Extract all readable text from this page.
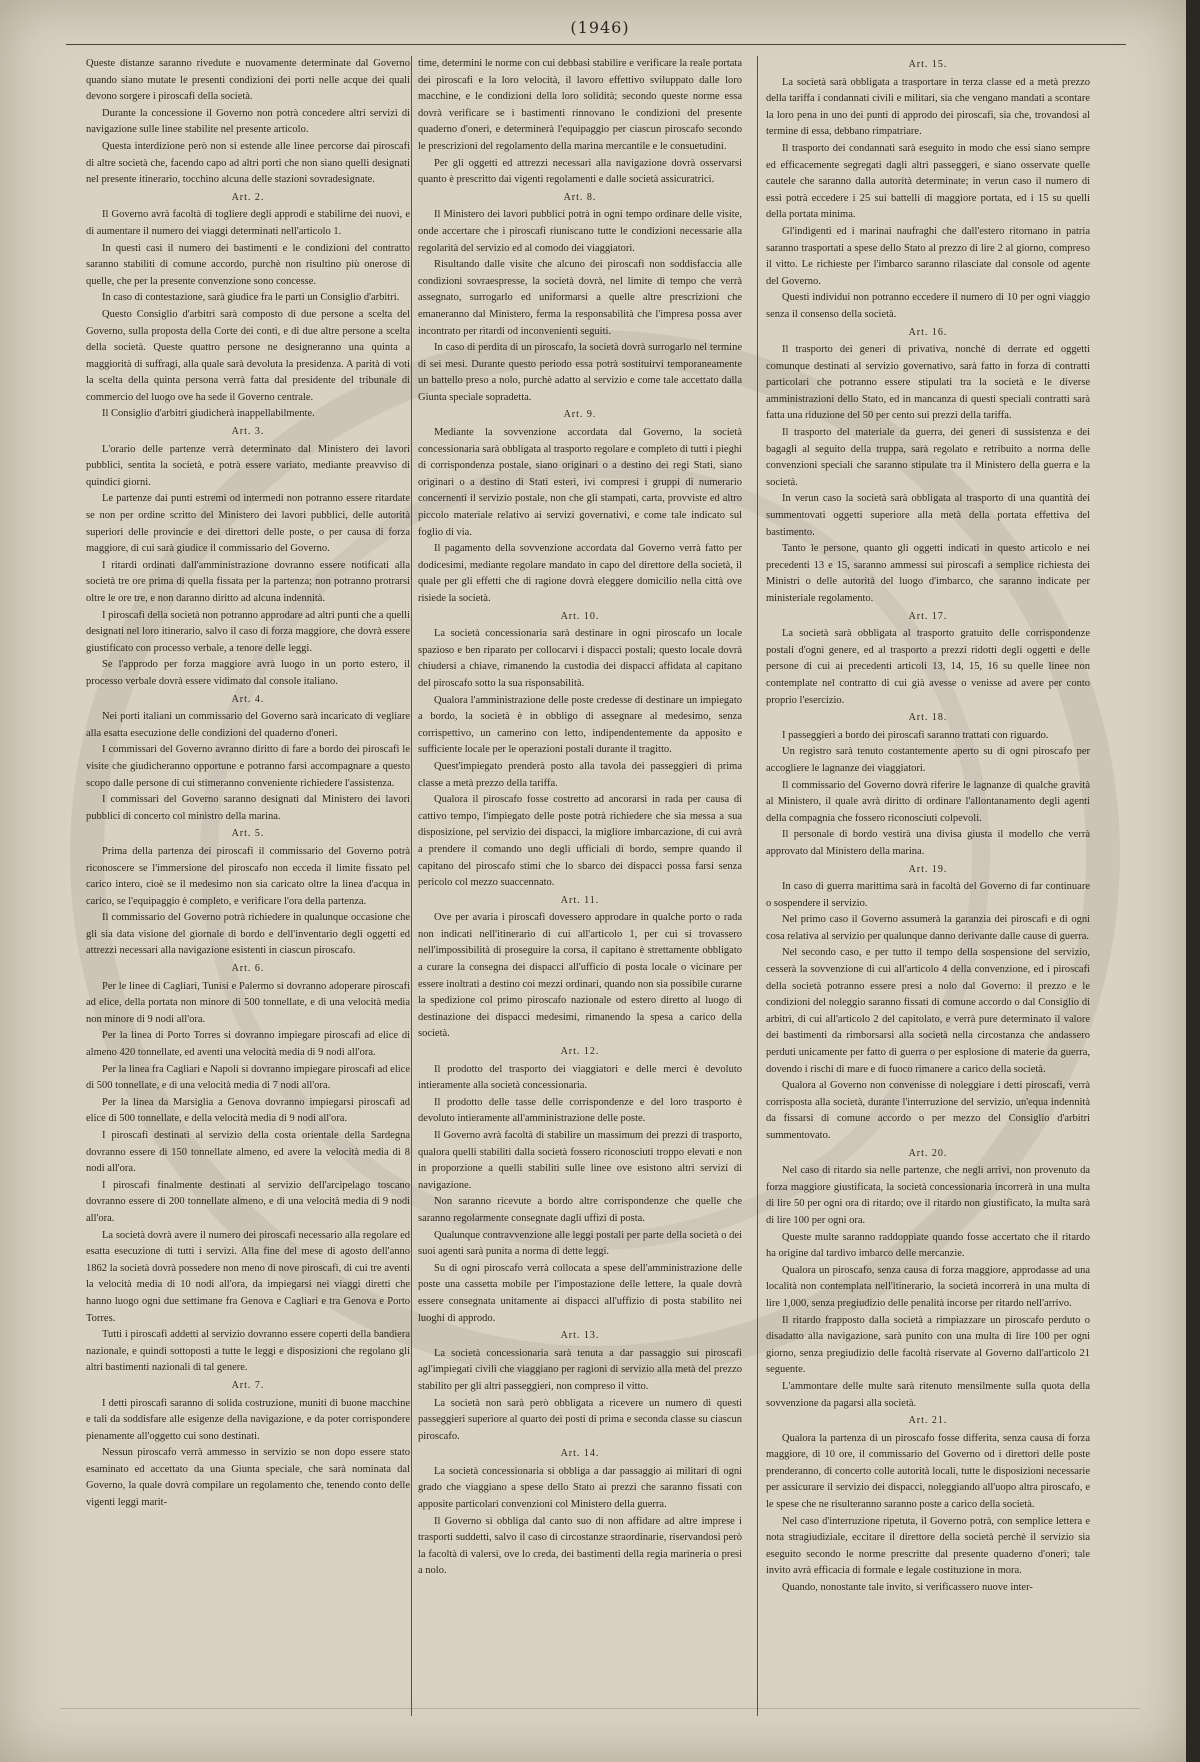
(1946)

Queste distanze saranno rivedute e nuovamente determinate dal Governo quando siano mutate le presenti condizioni dei porti nelle acque dei quali devono sorgere i piroscafi della società.

Durante la concessione il Governo non potrà concedere altri servizi di navigazione sulle linee stabilite nel presente articolo.

Questa interdizione però non si estende alle linee percorse dai piroscafi di altre società che, facendo capo ad altri porti che non siano quelli designati nel presente itinerario, tocchino alcuna delle stazioni sovradesignate.

Art. 2.

Il Governo avrà facoltà di togliere degli approdi e stabilirne dei nuovi, e di aumentare il numero dei viaggi determinati nell'articolo 1.

In questi casi il numero dei bastimenti e le condizioni del contratto saranno stabiliti di comune accordo, purchè non risultino più onerose di quelle, che per la presente convenzione sono concesse.

In caso di contestazione, sarà giudice fra le parti un Consiglio d'arbitri.

Questo Consiglio d'arbitri sarà composto di due persone a scelta del Governo, sulla proposta della Corte dei conti, e di due altre persone a scelta della società. Queste quattro persone ne designeranno una quinta a maggiorità di suffragi, alla quale sarà devoluta la presidenza. A parità di voti la scelta della quinta persona verrà fatta dal presidente del tribunale di commercio del luogo ove ha sede il Governo centrale.

Il Consiglio d'arbitri giudicherà inappellabilmente.

Art. 3.

L'orario delle partenze verrà determinato dal Ministero dei lavori pubblici, sentita la società, e potrà essere variato, mediante preavviso di quindici giorni.

Le partenze dai punti estremi od intermedi non potranno essere ritardate se non per ordine scritto del Ministero dei lavori pubblici, delle autorità superiori delle provincie e dei direttori delle poste, o per causa di forza maggiore, di cui sarà giudice il commissario del Governo.

I ritardi ordinati dall'amministrazione dovranno essere notificati alla società tre ore prima di quella fissata per la partenza; non potranno protrarsi oltre le ore tre, e non daranno diritto ad alcuna indennità.

I piroscafi della società non potranno approdare ad altri punti che a quelli designati nel loro itinerario, salvo il caso di forza maggiore, che dovrà essere giustificato con processo verbale, a tenore delle leggi.

Se l'approdo per forza maggiore avrà luogo in un porto estero, il processo verbale dovrà essere vidimato dal console italiano.

Art. 4.

Nei porti italiani un commissario del Governo sarà incaricato di vegliare alla esatta esecuzione delle condizioni del quaderno d'oneri.

I commissari del Governo avranno diritto di fare a bordo dei piroscafi le visite che giudicheranno opportune e potranno farsi accompagnare a questo scopo dalle persone di cui stimeranno conveniente richiedere l'assistenza.

I commissari del Governo saranno designati dal Ministero dei lavori pubblici di concerto col ministro della marina.

Art. 5.

Prima della partenza dei piroscafi il commissario del Governo potrà riconoscere se l'immersione del piroscafo non ecceda il limite fissato pel carico intero, cioè se il medesimo non sia caricato oltre la linea d'acqua in carico, se l'equipaggio è completo, e verificare l'ora della partenza.

Il commissario del Governo potrà richiedere in qualunque occasione che gli sia data visione del giornale di bordo e dell'inventario degli oggetti ed attrezzi necessari alla navigazione esistenti in ciascun piroscafo.

Art. 6.

Per le linee di Cagliari, Tunisi e Palermo si dovranno adoperare piroscafi ad elice, della portata non minore di 500 tonnellate, e di una velocità media non minore di 9 nodi all'ora.

Per la linea di Porto Torres si dovranno impiegare piroscafi ad elice di almeno 420 tonnellate, ed aventi una velocità media di 9 nodi all'ora.

Per la linea fra Cagliari e Napoli si dovranno impiegare piroscafi ad elice di 500 tonnellate, e di una velocità media di 7 nodi all'ora.

Per la linea da Marsiglia a Genova dovranno impiegarsi piroscafi ad elice di 500 tonnellate, e della velocità media di 9 nodi all'ora.

I piroscafi destinati al servizio della costa orientale della Sardegna dovranno essere di 150 tonnellate almeno, ed avere la velocità media di 8 nodi all'ora.

I piroscafi finalmente destinati al servizio dell'arcipelago toscano dovranno essere di 200 tonnellate almeno, e di una velocità media di 9 nodi all'ora.

La società dovrà avere il numero dei piroscafi necessario alla regolare ed esatta esecuzione di tutti i servizi. Alla fine del mese di agosto dell'anno 1862 la società dovrà possedere non meno di nove piroscafi, di cui tre aventi la velocità media di 10 nodi all'ora, da impiegarsi nei viaggi diretti che hanno luogo ogni due settimane fra Genova e Cagliari e tra Genova e Porto Torres.

Tutti i piroscafi addetti al servizio dovranno essere coperti della bandiera nazionale, e quindi sottoposti a tutte le leggi e disposizioni che regolano gli altri bastimenti nazionali di tal genere.

Art. 7.

I detti piroscafi saranno di solida costruzione, muniti di buone macchine e tali da soddisfare alle esigenze della navigazione, e da poter corrispondere pienamente all'oggetto cui sono destinati.

Nessun piroscafo verrà ammesso in servizio se non dopo essere stato esaminato ed accettato da una Giunta speciale, che sarà nominata dal Governo, la quale dovrà compilare un regolamento che, tenendo conto delle vigenti leggi marit-

time, determini le norme con cui debbasi stabilire e verificare la reale portata dei piroscafi e la loro velocità, il lavoro effettivo sviluppato dalle loro macchine, e le condizioni della loro solidità; secondo queste norme essa dovrà verificare se i bastimenti rinnovano le condizioni del presente quaderno d'oneri, e determinerà l'equipaggio per ciascun piroscafo secondo le prescrizioni del regolamento della marina mercantile e le consuetudini.

Per gli oggetti ed attrezzi necessari alla navigazione dovrà osservarsi quanto è prescritto dai vigenti regolamenti e dalle società assicuratrici.

Art. 8.

Il Ministero dei lavori pubblici potrà in ogni tempo ordinare delle visite, onde accertare che i piroscafi riuniscano tutte le condizioni necessarie alla regolarità del servizio ed al comodo dei viaggiatori.

Risultando dalle visite che alcuno dei piroscafi non soddisfaccia alle condizioni sovraespresse, la società dovrà, nel limite di tempo che verrà assegnato, surrogarlo ed uniformarsi a quelle altre prescrizioni che emaneranno dal Ministero, ferma la responsabilità che l'impresa possa aver incontrato per ritardi od inconvenienti seguiti.

In caso di perdita di un piroscafo, la società dovrà surrogarlo nel termine di sei mesi. Durante questo periodo essa potrà sostituirvi temporaneamente un battello preso a nolo, purchè adatto al servizio e come tale accettato dalla Giunta speciale sopradetta.

Art. 9.

Mediante la sovvenzione accordata dal Governo, la società concessionaria sarà obbligata al trasporto regolare e completo di tutti i pieghi di corrispondenza postale, siano originari o a destino dei regi Stati, siano originari o a destino di Stati esteri, ivi compresi i gruppi di numerario concernenti il servizio postale, non che gli stampati, carta, provviste ed altro piccolo materiale relativo ai servizi governativi, e come tale indicato sul foglio di via.

Il pagamento della sovvenzione accordata dal Governo verrà fatto per dodicesimi, mediante regolare mandato in capo del direttore della società, il quale per gli effetti che di ragione dovrà eleggere domicilio nella città ove risiede la società.

Art. 10.

La società concessionaria sarà destinare in ogni piroscafo un locale spazioso e ben riparato per collocarvi i dispacci postali; questo locale dovrà chiudersi a chiave, rimanendo la custodia dei dispacci affidata al capitano del piroscafo sotto la sua risponsabilità.

Qualora l'amministrazione delle poste credesse di destinare un impiegato a bordo, la società è in obbligo di assegnare al medesimo, senza corrispettivo, un camerino con letto, indipendentemente da apposito e sufficiente locale per le operazioni postali durante il tragitto.

Quest'impiegato prenderà posto alla tavola dei passeggieri di prima classe a metà prezzo della tariffa.

Qualora il piroscafo fosse costretto ad ancorarsi in rada per causa di cattivo tempo, l'impiegato delle poste potrà richiedere che sia messa a sua disposizione, pel servizio dei dispacci, la migliore imbarcazione, di cui avrà a prendere il comando uno degli ufficiali di bordo, sempre quando il capitano del piroscafo stimi che lo sbarco dei dispacci possa farsi senza pericolo col mezzo suaccennato.

Art. 11.

Ove per avaria i piroscafi dovessero approdare in qualche porto o rada non indicati nell'itinerario di cui all'articolo 1, per cui si trovassero nell'impossibilità di proseguire la corsa, il capitano è strettamente obbligato a curare la consegna dei dispacci all'ufficio di posta locale o vicinare per essere inoltrati a destino coi mezzi ordinari, quando non sia possibile curarne la spedizione col primo piroscafo nazionale od estero diretto al luogo di destinazione dei dispacci medesimi, rimanendo la spesa a carico della società.

Art. 12.

Il prodotto del trasporto dei viaggiatori e delle merci è devoluto intieramente alla società concessionaria.

Il prodotto delle tasse delle corrispondenze e del loro trasporto è devoluto intieramente all'amministrazione delle poste.

Il Governo avrà facoltà di stabilire un massimum dei prezzi di trasporto, qualora quelli stabiliti dalla società fossero riconosciuti troppo elevati e non in proporzione a quelli stabiliti sulle linee ove esistono altri servizi di navigazione.

Non saranno ricevute a bordo altre corrispondenze che quelle che saranno regolarmente consegnate dagli uffizi di posta.

Qualunque contravvenzione alle leggi postali per parte della società o dei suoi agenti sarà punita a norma di dette leggi.

Su di ogni piroscafo verrà collocata a spese dell'amministrazione delle poste una cassetta mobile per l'impostazione delle lettere, la quale dovrà essere consegnata unitamente ai dispacci all'uffizio di posta stabilito nei luoghi di approdo.

Art. 13.

La società concessionaria sarà tenuta a dar passaggio sui piroscafi agl'impiegati civili che viaggiano per ragioni di servizio alla metà del prezzo stabilito per gli altri passeggieri, non compreso il vitto.

La società non sarà però obbligata a ricevere un numero di questi passeggieri superiore al quarto dei posti di prima e seconda classe su ciascun piroscafo.

Art. 14.

La società concessionaria si obbliga a dar passaggio ai militari di ogni grado che viaggiano a spese dello Stato ai prezzi che saranno fissati con apposite particolari convenzioni col Ministero della guerra.

Il Governo si obbliga dal canto suo di non affidare ad altre imprese i trasporti suddetti, salvo il caso di circostanze straordinarie, riservandosi però la facoltà di valersi, ove lo creda, dei bastimenti della regia marineria o presi a nolo.

Art. 15.

La società sarà obbligata a trasportare in terza classe ed a metà prezzo della tariffa i condannati civili e militari, sia che vengano mandati a scontare la loro pena in uno dei punti di approdo dei piroscafi, sia che, trovandosi al termine di essa, debbano rimpatriare.

Il trasporto dei condannati sarà eseguito in modo che essi siano sempre ed efficacemente segregati dagli altri passeggeri, e siano osservate quelle cautele che saranno dalla autorità determinate; in verun caso il numero di essi potrà eccedere i 25 sui battelli di maggiore portata, ed i 15 su quelli della portata minima.

Gl'indigenti ed i marinai naufraghi che dall'estero ritornano in patria saranno trasportati a spese dello Stato al prezzo di lire 2 al giorno, compreso il vitto. Le richieste per l'imbarco saranno rilasciate dal console od agente del Governo.

Questi individui non potranno eccedere il numero di 10 per ogni viaggio senza il consenso della società.

Art. 16.

Il trasporto dei generi di privativa, nonchè di derrate ed oggetti comunque destinati al servizio governativo, sarà fatto in forza di contratti particolari che potranno essere stipulati tra la società e le diverse amministrazioni dello Stato, ed in mancanza di questi speciali contratti sarà fatta una riduzione del 50 per cento sui prezzi della tariffa.

Il trasporto del materiale da guerra, dei generi di sussistenza e dei bagagli al seguito della truppa, sarà regolato e retribuito a norma delle convenzioni speciali che saranno stipulate tra il Ministero della guerra e la società.

In verun caso la società sarà obbligata al trasporto di una quantità dei summentovati oggetti superiore alla metà della portata effettiva del bastimento.

Tanto le persone, quanto gli oggetti indicati in questo articolo e nei precedenti 13 e 15, saranno ammessi sui piroscafi a semplice richiesta dei Ministri o delle autorità del luogo d'imbarco, che saranno indicate per ministeriale regolamento.

Art. 17.

La società sarà obbligata al trasporto gratuito delle corrispondenze postali d'ogni genere, ed al trasporto a prezzi ridotti degli oggetti e delle persone di cui ai precedenti articoli 13, 14, 15, 16 su quelle linee non contemplate nel contratto di cui già avesse o venisse ad avere per conto proprio l'esercizio.

Art. 18.

I passeggieri a bordo dei piroscafi saranno trattati con riguardo.

Un registro sarà tenuto costantemente aperto su di ogni piroscafo per accogliere le lagnanze dei viaggiatori.

Il commissario del Governo dovrà riferire le lagnanze di qualche gravità al Ministero, il quale avrà diritto di ordinare l'allontanamento degli agenti della compagnia che fossero riconosciuti colpevoli.

Il personale di bordo vestirà una divisa giusta il modello che verrà approvato dal Ministero della marina.

Art. 19.

In caso di guerra marittima sarà in facoltà del Governo di far continuare o sospendere il servizio.

Nel primo caso il Governo assumerà la garanzia dei piroscafi e di ogni cosa relativa al servizio per qualunque danno derivante dalle cause di guerra.

Nel secondo caso, e per tutto il tempo della sospensione del servizio, cesserà la sovvenzione di cui all'articolo 4 della convenzione, ed i piroscafi della società potranno essere presi a nolo dal Governo: il prezzo e le condizioni del noleggio saranno fissati di comune accordo o dal Consiglio di arbitri, di cui all'articolo 2 del capitolato, e verrà pure determinato il valore dei bastimenti da rimborsarsi alla società nella circostanza che andassero perduti unicamente per fatto di guerra o per esplosione di materie da guerra, dovendo i rischi di mare e di fuoco rimanere a carico della società.

Qualora al Governo non convenisse di noleggiare i detti piroscafi, verrà corrisposta alla società, durante l'interruzione del servizio, un'equa indennità da fissarsi di comune accordo o per mezzo del Consiglio d'arbitri summentovato.

Art. 20.

Nel caso di ritardo sia nelle partenze, che negli arrivi, non provenuto da forza maggiore giustificata, la società concessionaria incorrerà in una multa di lire 50 per ogni ora di ritardo; ove il ritardo non giustificato, la multa sarà di lire 100 per ogni ora.

Queste multe saranno raddoppiate quando fosse accertato che il ritardo ha origine dal tardivo imbarco delle mercanzie.

Qualora un piroscafo, senza causa di forza maggiore, approdasse ad una località non contemplata nell'itinerario, la società incorrerà in una multa di lire 1,000, senza pregiudizio delle penalità incorse per ritardo nell'arrivo.

Il ritardo frapposto dalla società a rimpiazzare un piroscafo perduto o disadatto alla navigazione, sarà punito con una multa di lire 100 per ogni giorno, senza pregiudizio delle facoltà riservate al Governo dall'articolo 21 seguente.

L'ammontare delle multe sarà ritenuto mensilmente sulla quota della sovvenzione da pagarsi alla società.

Art. 21.

Qualora la partenza di un piroscafo fosse differita, senza causa di forza maggiore, di 10 ore, il commissario del Governo od i direttori delle poste prenderanno, di concerto colle autorità locali, tutte le disposizioni necessarie per assicurare il servizio dei dispacci, noleggiando all'uopo altra piroscafo, e le spese che ne risulteranno saranno poste a carico della società.

Nel caso d'interruzione ripetuta, il Governo potrà, con semplice lettera e nota stragiudiziale, eccitare il direttore della società perchè il servizio sia eseguito secondo le norme prescritte dal presente quaderno d'oneri; tale invito avrà efficacia di formale e legale costituzione in mora.

Quando, nonostante tale invito, si verificassero nuove inter-
